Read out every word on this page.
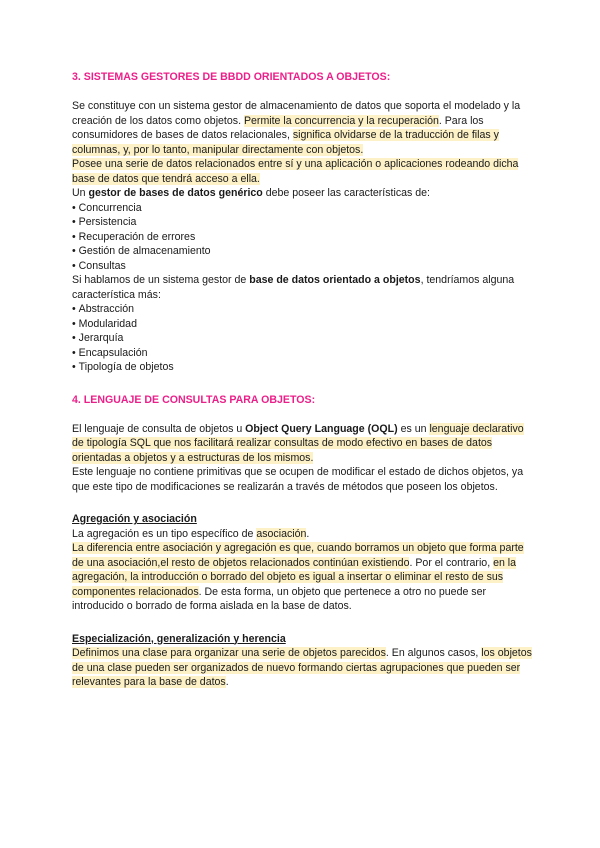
3. SISTEMAS GESTORES DE BBDD ORIENTADOS A OBJETOS:

Se constituye con un sistema gestor de almacenamiento de datos que soporta el modelado y la creación de los datos como objetos. Permite la concurrencia y la recuperación. Para los consumidores de bases de datos relacionales, significa olvidarse de la traducción de filas y columnas, y, por lo tanto, manipular directamente con objetos.

Posee una serie de datos relacionados entre sí y una aplicación o aplicaciones rodeando dicha base de datos que tendrá acceso a ella.

Un gestor de bases de datos genérico debe poseer las características de:

• Concurrencia
• Persistencia
• Recuperación de errores
• Gestión de almacenamiento
• Consultas

Si hablamos de un sistema gestor de base de datos orientado a objetos, tendríamos alguna característica más:

• Abstracción
• Modularidad
• Jerarquía
• Encapsulación
• Tipología de objetos
4. LENGUAJE DE CONSULTAS PARA OBJETOS:

El lenguaje de consulta de objetos u Object Query Language (OQL) es un lenguaje declarativo de tipología SQL que nos facilitará realizar consultas de modo efectivo en bases de datos orientadas a objetos y a estructuras de los mismos.

Este lenguaje no contiene primitivas que se ocupen de modificar el estado de dichos objetos, ya que este tipo de modificaciones se realizarán a través de métodos que poseen los objetos.

Agregación y asociación

La agregación es un tipo específico de asociación.

La diferencia entre asociación y agregación es que, cuando borramos un objeto que forma parte de una asociación,el resto de objetos relacionados continúan existiendo. Por el contrario, en la agregación, la introducción o borrado del objeto es igual a insertar o eliminar el resto de sus componentes relacionados. De esta forma, un objeto que pertenece a otro no puede ser introducido o borrado de forma aislada en la base de datos.

Especialización, generalización y herencia

Definimos una clase para organizar una serie de objetos parecidos. En algunos casos, los objetos de una clase pueden ser organizados de nuevo formando ciertas agrupaciones que pueden ser relevantes para la base de datos.
